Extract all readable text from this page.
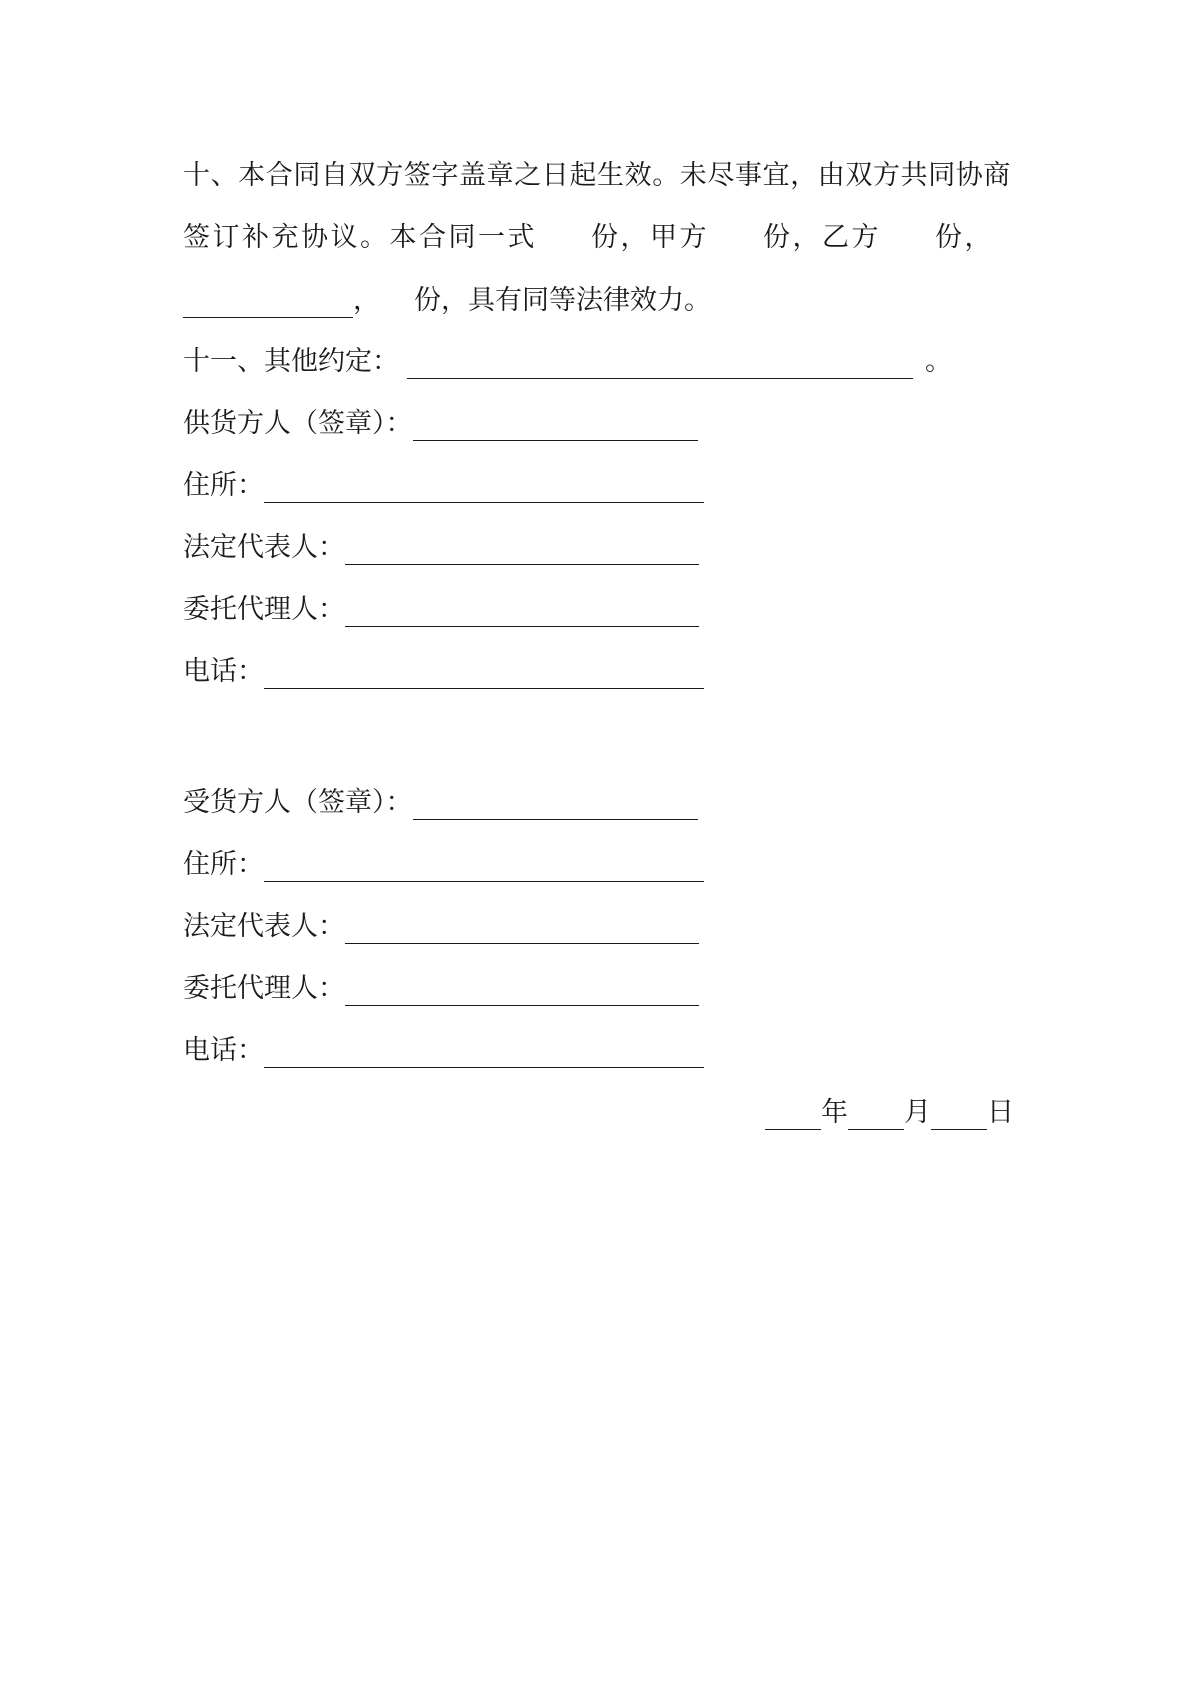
十、本合同自双方签字盖章之日起生效。未尽事宜，由双方共同协商
签订补充协议。本合同一式 份，甲方 份，乙方 份，
， 份，具有同等法律效力。
十一、其他约定：	。
供货方人（签章）：
住所：
法定代表人：
委托代理人：
电话：
受货方人（签章）：
住所：
法定代表人：
委托代理人：
电话：
年 月 日
